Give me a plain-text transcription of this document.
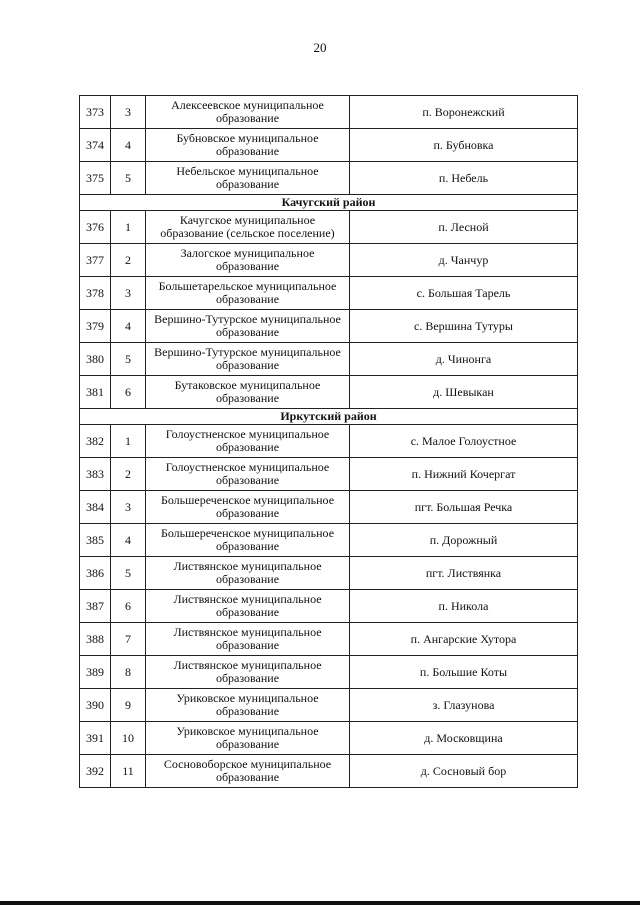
20
373	3	Алексеевское муниципальное образование	п. Воронежский
374	4	Бубновское муниципальное образование	п. Бубновка
375	5	Небельское муниципальное образование	п. Небель
Качугский район			
376	1	Качугское муниципальное образование (сельское поселение)	п. Лесной
377	2	Залогское муниципальное образование	д. Чанчур
378	3	Большетарельское муниципальное образование	с. Большая Тарель
379	4	Вершино-Тутурское муниципальное образование	с. Вершина Тутуры
380	5	Вершино-Тутурское муниципальное образование	д. Чинонга
381	6	Бутаковское муниципальное образование	д. Шевыкан
Иркутский район			
382	1	Голоустненское муниципальное образование	с. Малое Голоустное
383	2	Голоустненское муниципальное образование	п. Нижний Кочергат
384	3	Большереченское муниципальное образование	пгт. Большая Речка
385	4	Большереченское муниципальное образование	п. Дорожный
386	5	Листвянское муниципальное образование	пгт. Листвянка
387	6	Листвянское муниципальное образование	п. Никола
388	7	Листвянское муниципальное образование	п. Ангарские Хутора
389	8	Листвянское муниципальное образование	п. Большие Коты
390	9	Уриковское муниципальное образование	з. Глазунова
391	10	Уриковское муниципальное образование	д. Московщина
392	11	Сосновоборское муниципальное образование	д. Сосновый бор
